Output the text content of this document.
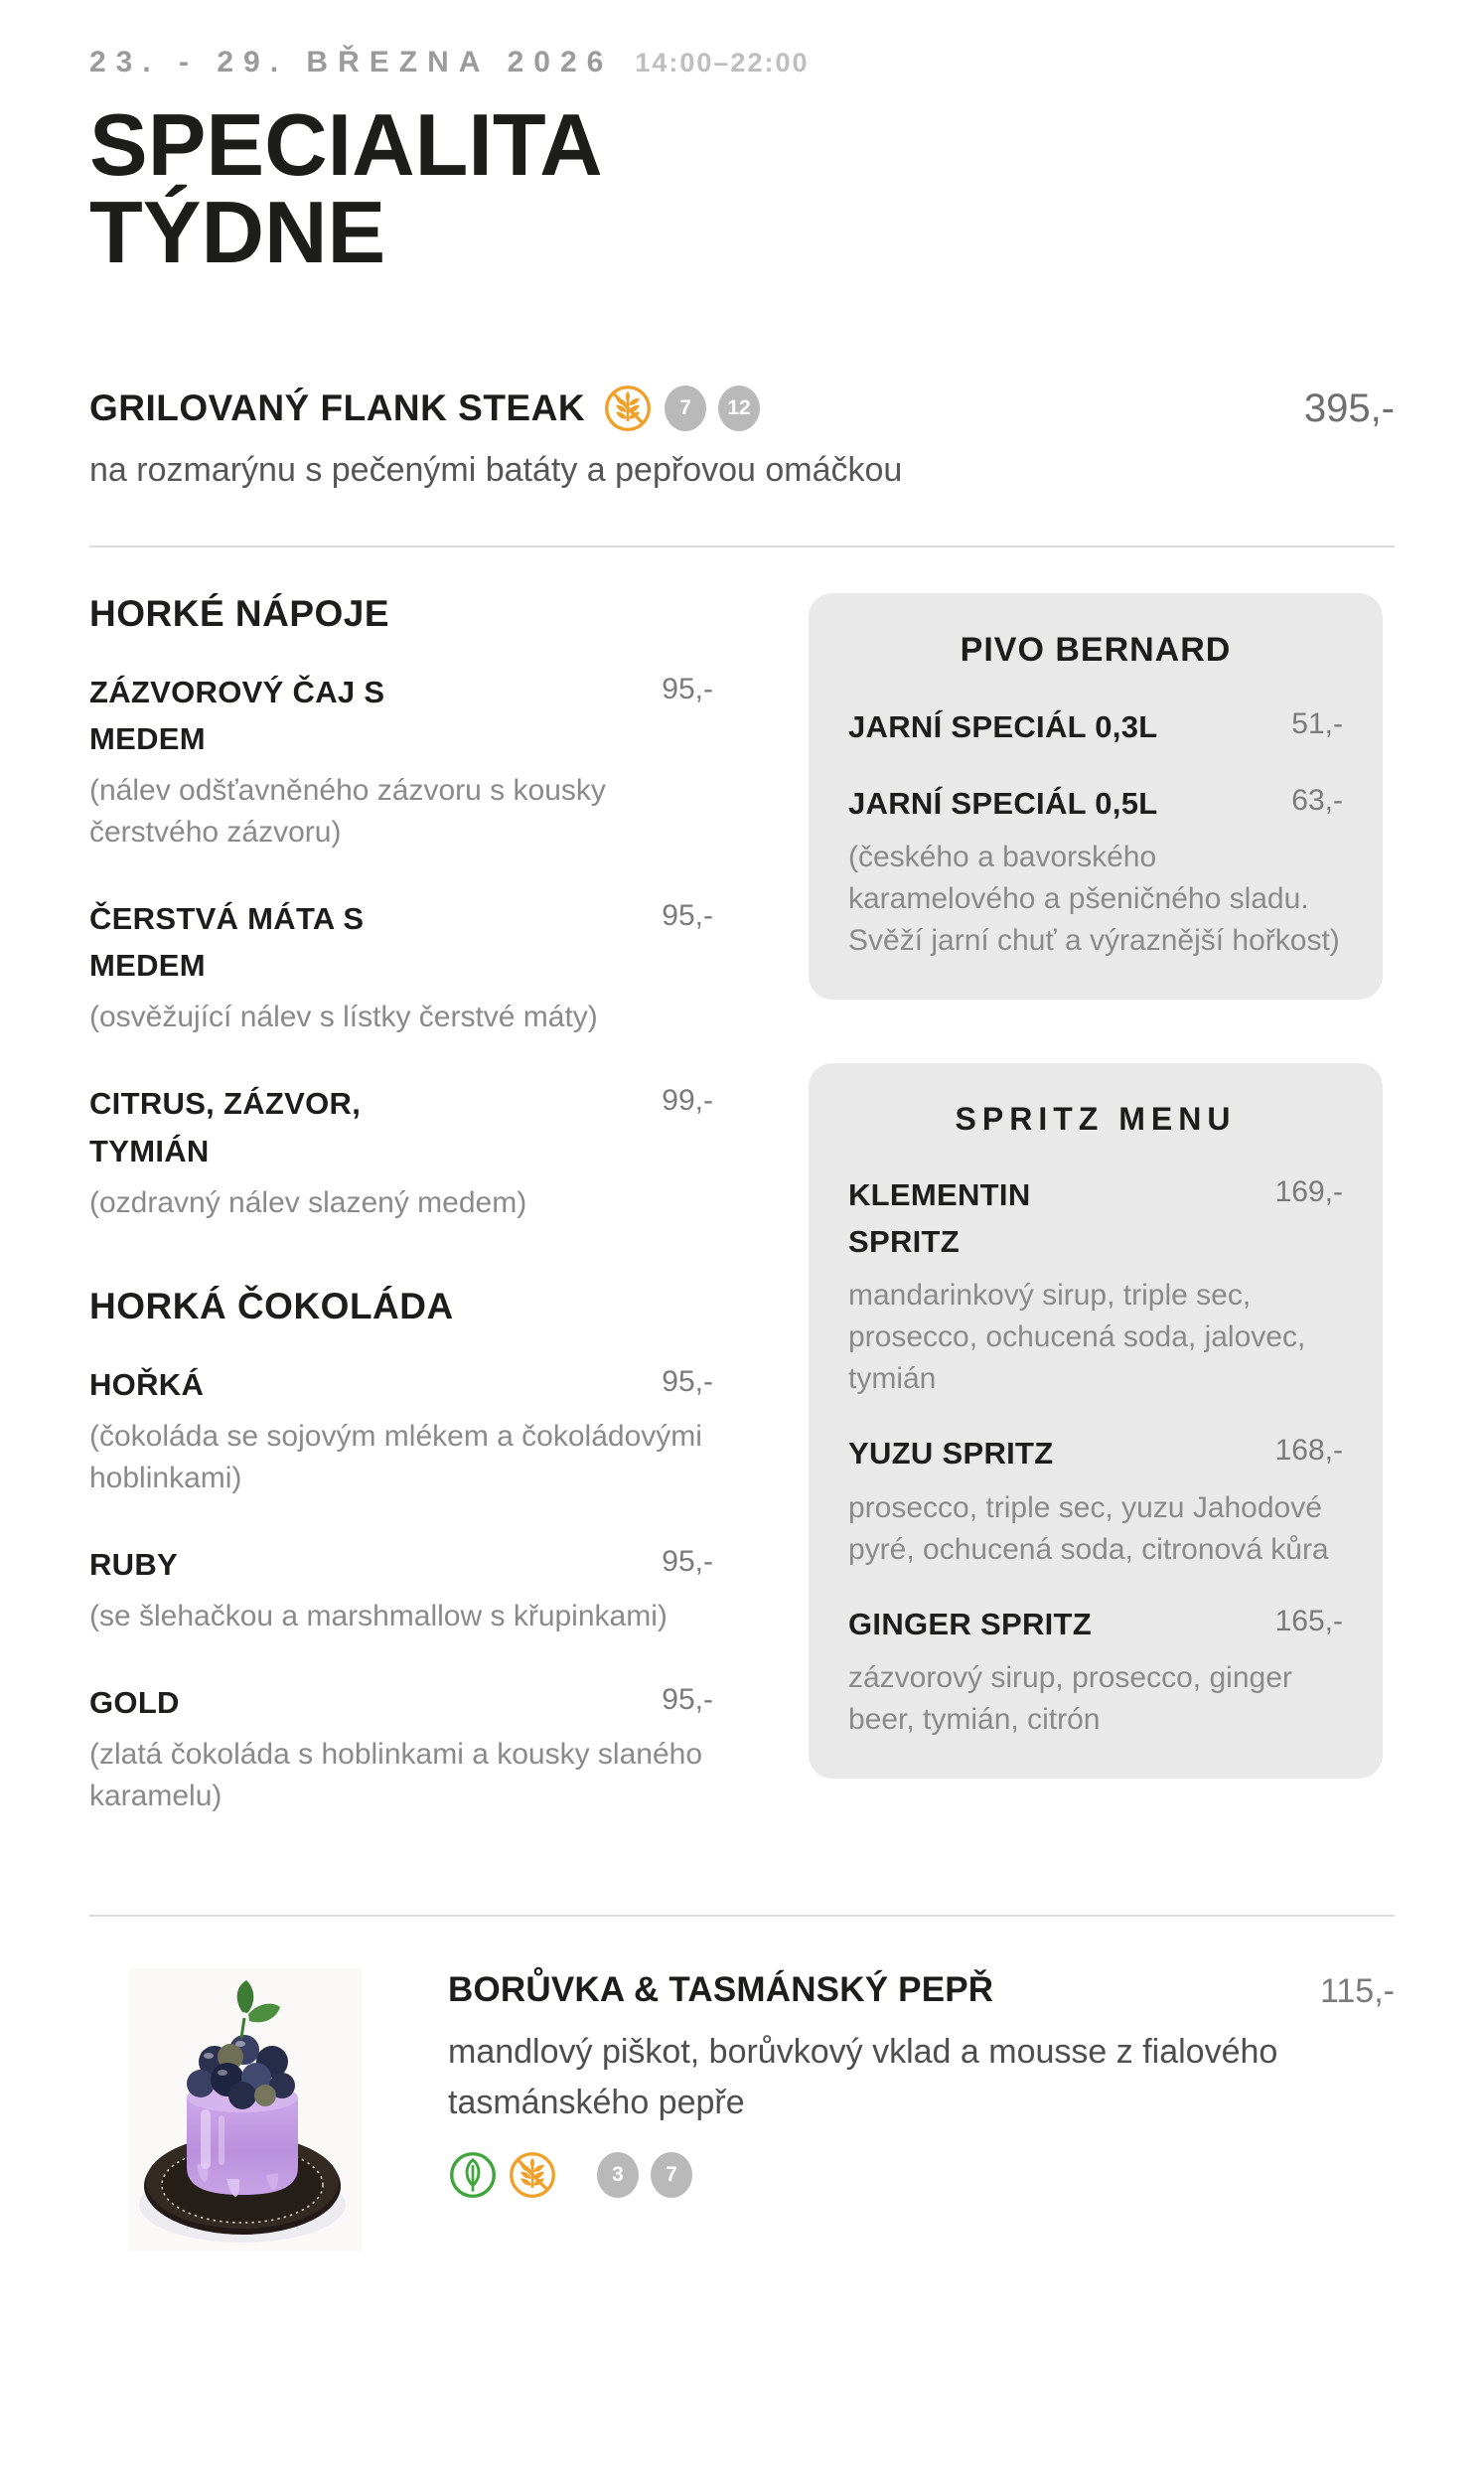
23. - 29. BŘEZNA 2026 14:00–22:00
SPECIALITA
TÝDNE
GRILOVANÝ FLANK STEAK	7	12	395,-

na rozmarýnu s pečenými batáty a pepřovou omáčkou

HORKÉ NÁPOJE
ZÁZVOROVÝ ČAJ S MEDEM
95,-

(nálev odšťavněného zázvoru s kousky čerstvého zázvoru)

ČERSTVÁ MÁTA S MEDEM
95,-

(osvěžující nálev s lístky čerstvé máty)

CITRUS, ZÁZVOR, TYMIÁN
99,-

(ozdravný nálev slazený medem)

HORKÁ ČOKOLÁDA
HOŘKÁ	95,-

(čokoláda se sojovým mlékem a čokoládovými hoblinkami)

RUBY	95,-

(se šlehačkou a marshmallow s křupinkami)

GOLD	95,-

(zlatá čokoláda s hoblinkami a kousky slaného karamelu)

PIVO BERNARD
JARNÍ SPECIÁL 0,3L	51,-
JARNÍ SPECIÁL 0,5L	63,-

(českého a bavorského karamelového a pšeničného sladu. Svěží jarní chuť a výraznější hořkost)

SPRITZ MENU
KLEMENTIN SPRITZ
169,-

mandarinkový sirup, triple sec, prosecco, ochucená soda, jalovec, tymián

YUZU SPRITZ	168,-

prosecco, triple sec, yuzu Jahodové pyré, ochucená soda, citronová kůra

GINGER SPRITZ	165,-

zázvorový sirup, prosecco, ginger beer, tymián, citrón

BORŮVKA & TASMÁNSKÝ PEPŘ	115,-

mandlový piškot, borůvkový vklad a mousse z fialového tasmánského pepře

3	7
